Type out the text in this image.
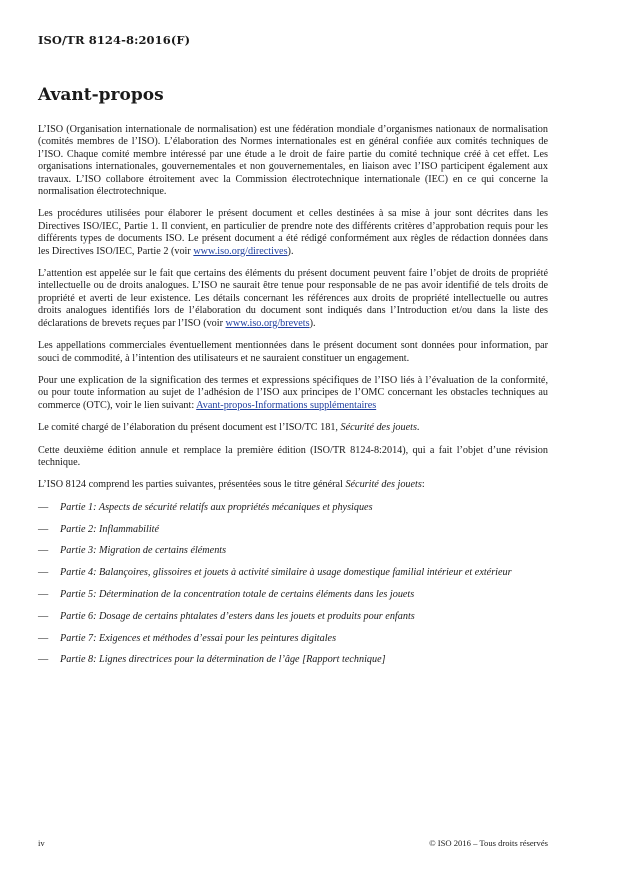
ISO/TR 8124-8:2016(F)
Avant-propos

L’ISO (Organisation internationale de normalisation) est une fédération mondiale d’organismes nationaux de normalisation (comités membres de l’ISO). L’élaboration des Normes internationales est en général confiée aux comités techniques de l’ISO. Chaque comité membre intéressé par une étude a le droit de faire partie du comité technique créé à cet effet. Les organisations internationales, gouvernementales et non gouvernementales, en liaison avec l’ISO participent également aux travaux. L’ISO collabore étroitement avec la Commission électrotechnique internationale (IEC) en ce qui concerne la normalisation électrotechnique.

Les procédures utilisées pour élaborer le présent document et celles destinées à sa mise à jour sont décrites dans les Directives ISO/IEC, Partie 1. Il convient, en particulier de prendre note des différents critères d’approbation requis pour les différents types de documents ISO. Le présent document a été rédigé conformément aux règles de rédaction données dans les Directives ISO/IEC, Partie 2 (voir www.iso.org/directives).

L’attention est appelée sur le fait que certains des éléments du présent document peuvent faire l’objet de droits de propriété intellectuelle ou de droits analogues. L’ISO ne saurait être tenue pour responsable de ne pas avoir identifié de tels droits de propriété et averti de leur existence. Les détails concernant les références aux droits de propriété intellectuelle ou autres droits analogues identifiés lors de l’élaboration du document sont indiqués dans l’Introduction et/ou dans la liste des déclarations de brevets reçues par l’ISO (voir www.iso.org/brevets).

Les appellations commerciales éventuellement mentionnées dans le présent document sont données pour information, par souci de commodité, à l’intention des utilisateurs et ne sauraient constituer un engagement.

Pour une explication de la signification des termes et expressions spécifiques de l’ISO liés à l’évaluation de la conformité, ou pour toute information au sujet de l’adhésion de l’ISO aux principes de l’OMC concernant les obstacles techniques au commerce (OTC), voir le lien suivant: Avant-propos-Informations supplémentaires

Le comité chargé de l’élaboration du présent document est l’ISO/TC 181, Sécurité des jouets.

Cette deuxième édition annule et remplace la première édition (ISO/TR 8124-8:2014), qui a fait l’objet d’une révision technique.

L’ISO 8124 comprend les parties suivantes, présentées sous le titre général Sécurité des jouets:

— Partie 1: Aspects de sécurité relatifs aux propriétés mécaniques et physiques
— Partie 2: Inflammabilité
— Partie 3: Migration de certains éléments
— Partie 4: Balançoires, glissoires et jouets à activité similaire à usage domestique familial intérieur et extérieur
— Partie 5: Détermination de la concentration totale de certains éléments dans les jouets
— Partie 6: Dosage de certains phtalates d’esters dans les jouets et produits pour enfants
— Partie 7: Exigences et méthodes d’essai pour les peintures digitales
— Partie 8: Lignes directrices pour la détermination de l’âge [Rapport technique]
iv	© ISO 2016 – Tous droits réservés
